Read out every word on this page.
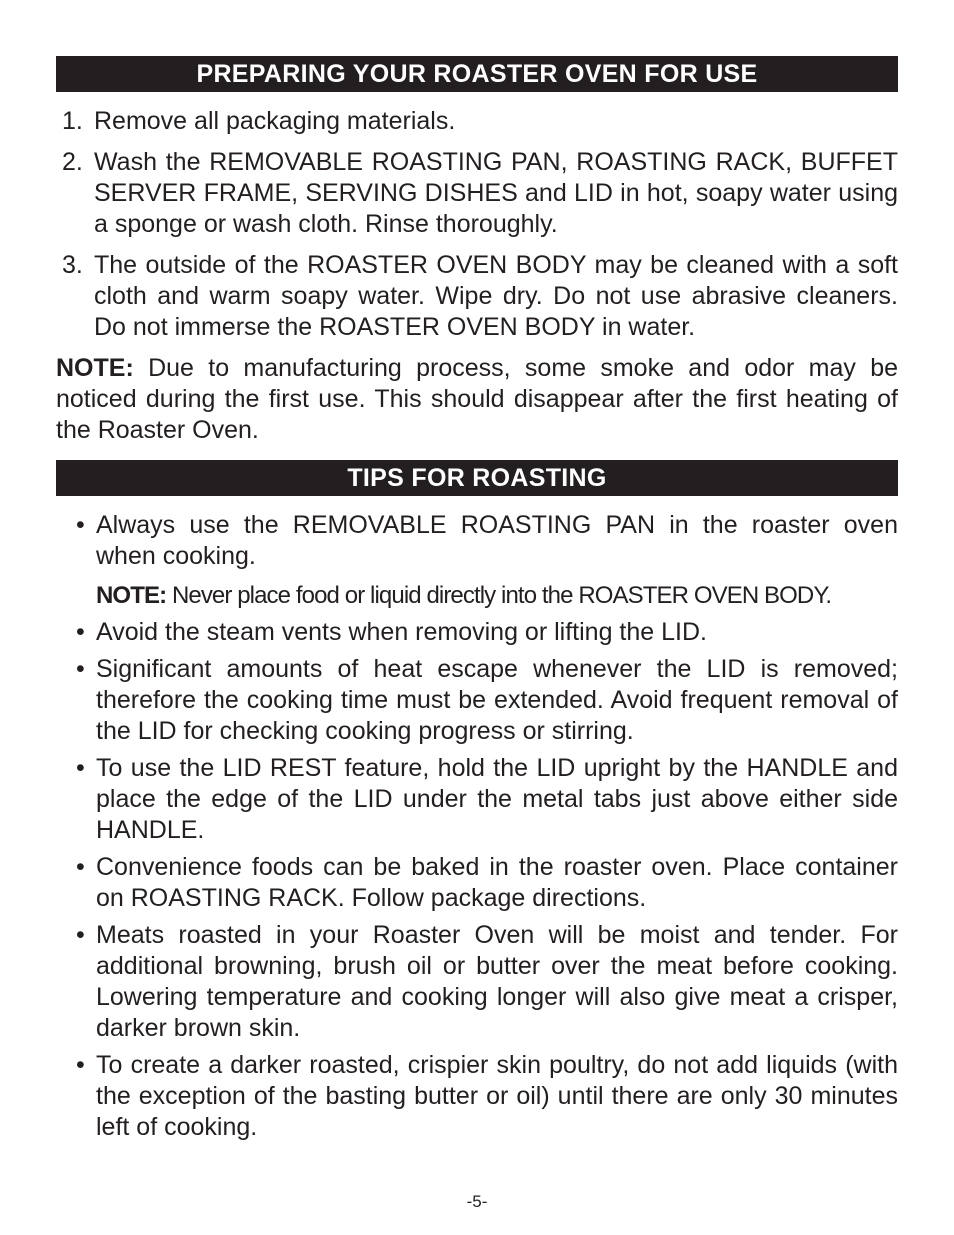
PREPARING YOUR ROASTER OVEN FOR USE
1. Remove all packaging materials.
2. Wash the REMOVABLE ROASTING PAN, ROASTING RACK, BUFFET SERVER FRAME, SERVING DISHES and LID in hot, soapy water using a sponge or wash cloth. Rinse thoroughly.
3. The outside of the ROASTER OVEN BODY may be cleaned with a soft cloth and warm soapy water. Wipe dry. Do not use abrasive cleaners. Do not immerse the ROASTER OVEN BODY in water.
NOTE: Due to manufacturing process, some smoke and odor may be noticed during the first use. This should disappear after the first heating of the Roaster Oven.
TIPS FOR ROASTING
• Always use the REMOVABLE ROASTING PAN in the roaster oven when cooking.
NOTE: Never place food or liquid directly into the ROASTER OVEN BODY.
• Avoid the steam vents when removing or lifting the LID.
• Significant amounts of heat escape whenever the LID is removed; therefore the cooking time must be extended. Avoid frequent removal of the LID for checking cooking progress or stirring.
• To use the LID REST feature, hold the LID upright by the HANDLE and place the edge of the LID under the metal tabs just above either side HANDLE.
• Convenience foods can be baked in the roaster oven. Place container on ROASTING RACK. Follow package directions.
• Meats roasted in your Roaster Oven will be moist and tender. For additional browning, brush oil or butter over the meat before cooking. Lowering temperature and cooking longer will also give meat a crisper, darker brown skin.
• To create a darker roasted, crispier skin poultry, do not add liquids (with the exception of the basting butter or oil) until there are only 30 minutes left of cooking.
-5-
